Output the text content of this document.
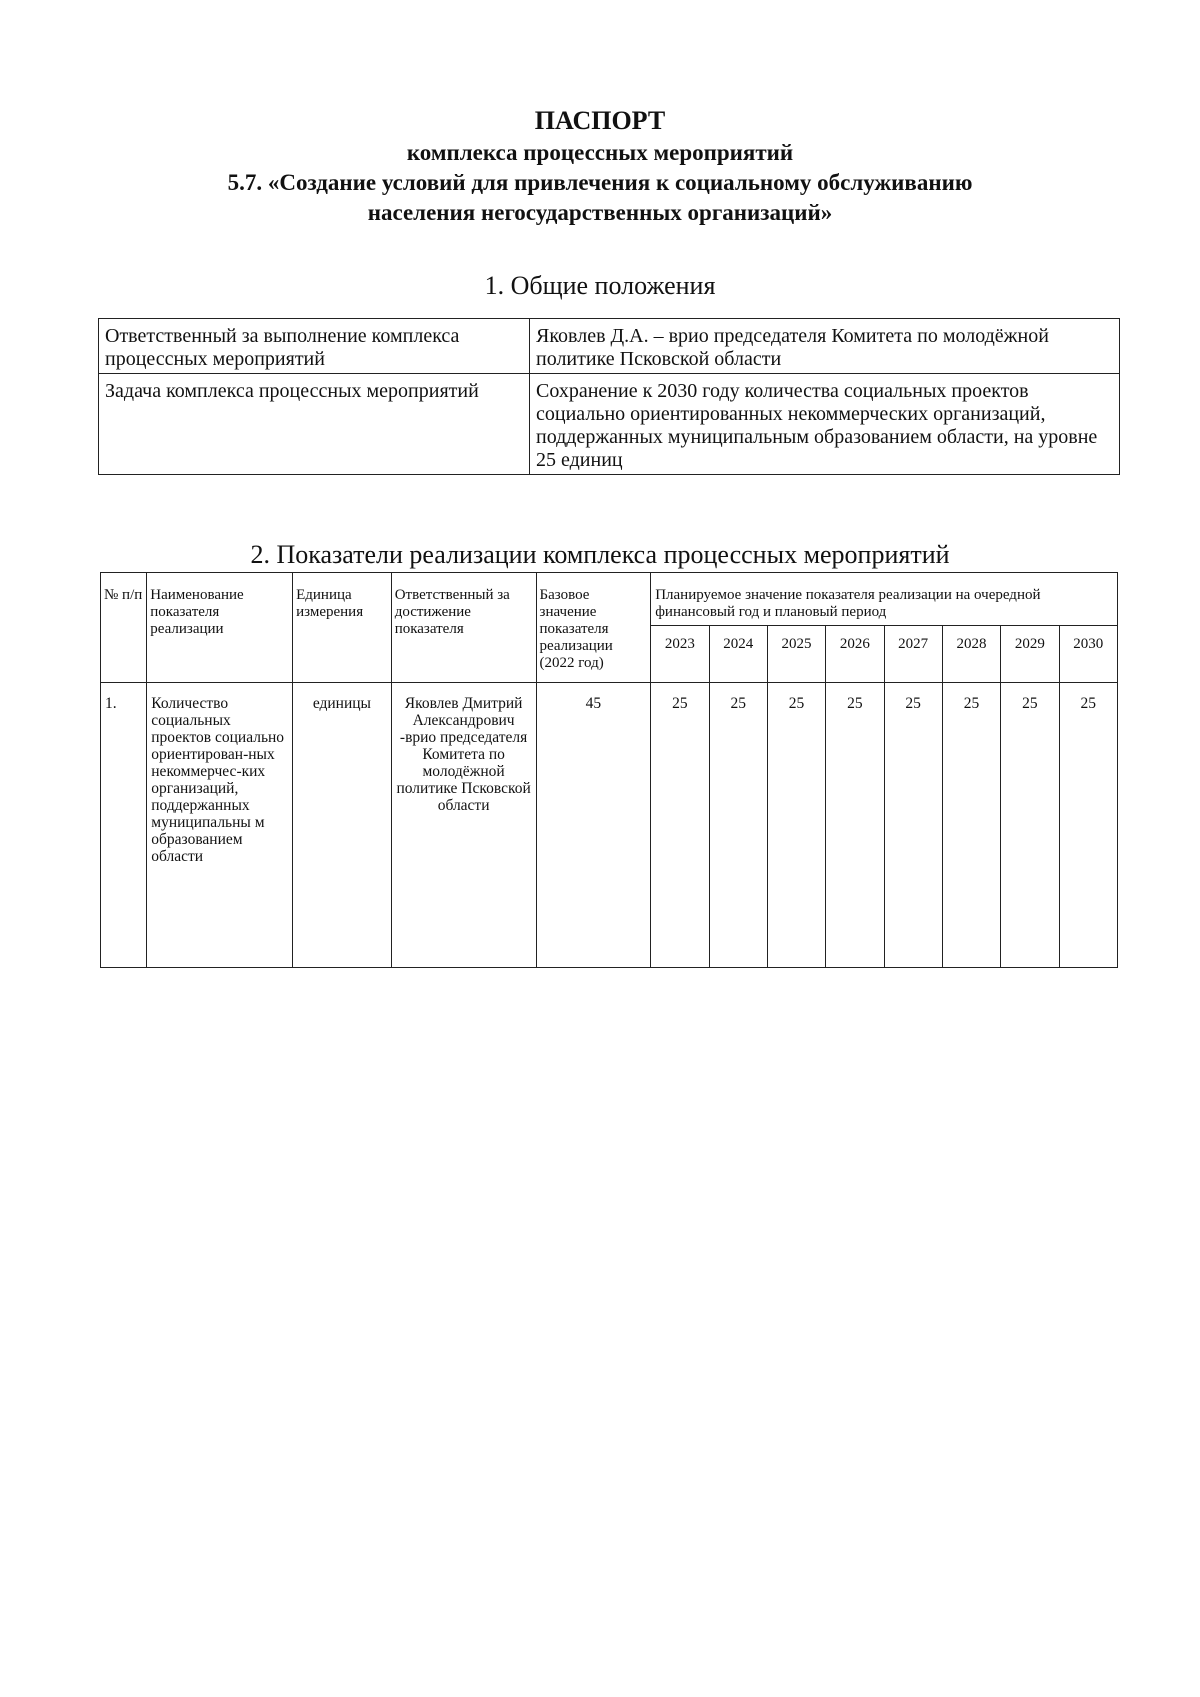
ПАСПОРТ
комплекса процессных мероприятий
5.7. «Создание условий для привлечения к социальному обслуживанию
населения негосударственных организаций»
1. Общие положения
Ответственный за выполнение комплекса процессных мероприятий	Яковлев Д.А. – врио председателя Комитета по молодёжной политике Псковской области
Задача комплекса процессных мероприятий	Сохранение к 2030 году количества социальных проектов социально ориентированных некоммерческих организаций, поддержанных муниципальным образованием области, на уровне 25 единиц
2. Показатели реализации комплекса процессных мероприятий
№ п/п	Наименование показателя реализации	Единица измерения	Ответственный за достижение показателя	Базовое значение показателя реализации (2022 год)	Планируемое значение показателя реализации на очередной финансовый год и плановый период							
					2023	2024	2025	2026	2027	2028	2029	2030
1.	Количество социальных проектов социально ориентирован-ных некоммерчес-ких организаций, поддержанных муниципальны м образованием области	единицы	Яковлев Дмитрий Александрович -врио председателя Комитета по молодёжной политике Псковской области	45	25	25	25	25	25	25	25	25
